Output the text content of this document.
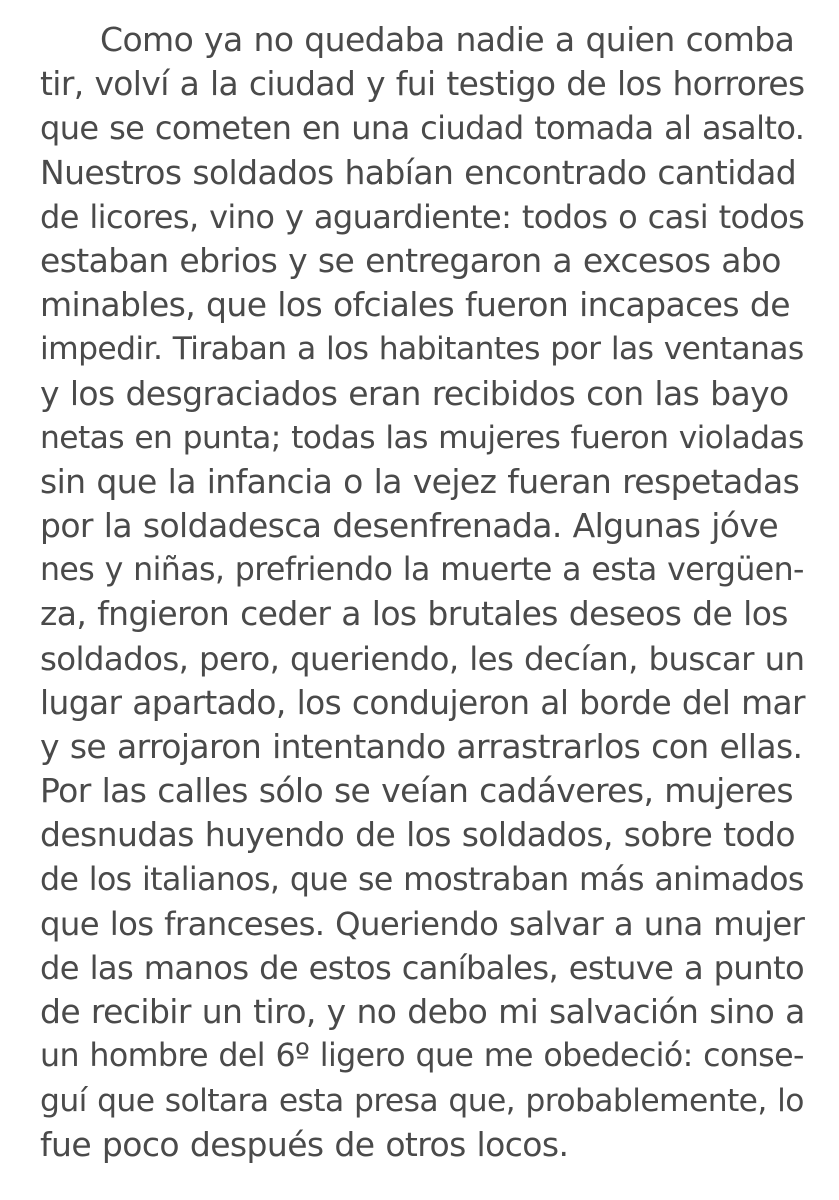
Como ya no quedaba nadie a quien comba
tir, volví a la ciudad y fui testigo de los horrores
que se cometen en una ciudad tomada al asalto.
Nuestros soldados habían encontrado cantidad
de licores, vino y aguardiente: todos o casi todos
estaban ebrios y se entregaron a excesos abo
minables, que los ofciales fueron incapaces de
impedir. Tiraban a los habitantes por las ventanas
y los desgraciados eran recibidos con las bayo
netas en punta; todas las mujeres fueron violadas
sin que la infancia o la vejez fueran respetadas
por la soldadesca desenfrenada. Algunas jóve
nes y niñas, prefriendo la muerte a esta vergüen-
za, fngieron ceder a los brutales deseos de los
soldados, pero, queriendo, les decían, buscar un
lugar apartado, los condujeron al borde del mar
y se arrojaron intentando arrastrarlos con ellas.
Por las calles sólo se veían cadáveres, mujeres
desnudas huyendo de los soldados, sobre todo
de los italianos, que se mostraban más animados
que los franceses. Queriendo salvar a una mujer
de las manos de estos caníbales, estuve a punto
de recibir un tiro, y no debo mi salvación sino a
un hombre del 6º ligero que me obedeció: conse-
guí que soltara esta presa que, probablemente, lo
fue poco después de otros locos.
